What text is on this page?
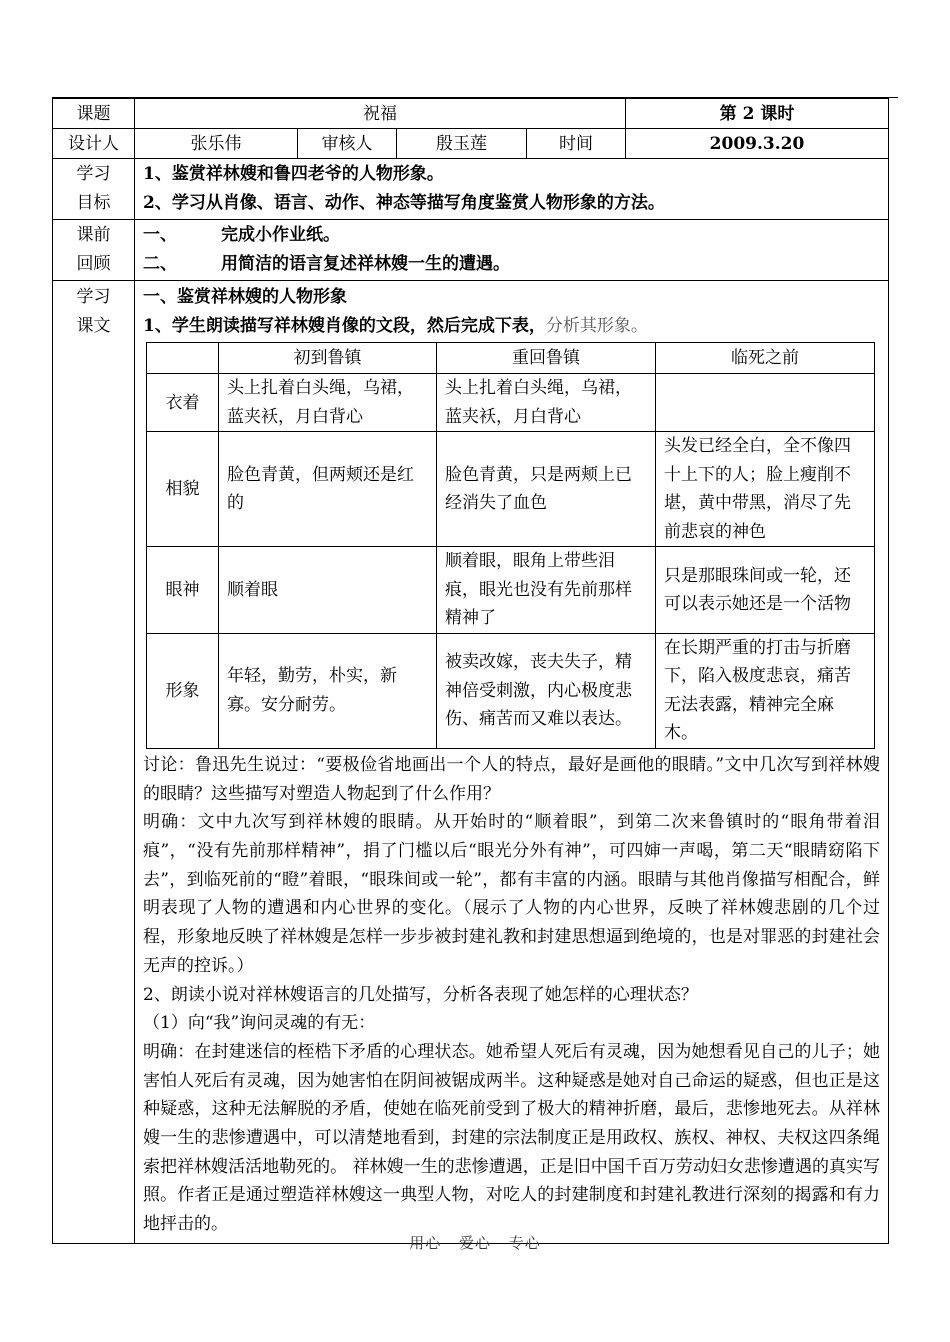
课题	祝福	第 2 课时
设计人	张乐伟	审核人	殷玉莲	时间	2009.3.20

学习
目标

1、鉴赏祥林嫂和鲁四老爷的人物形象。
2、学习从肖像、语言、动作、神态等描写角度鉴赏人物形象的方法。

课前
回顾

一、	完成小作业纸。
二、	用简洁的语言复述祥林嫂一生的遭遇。

学习
课文

一、鉴赏祥林嫂的人物形象
1、学生朗读描写祥林嫂肖像的文段，然后完成下表，分析其形象。
	初到鲁镇	重回鲁镇	临死之前
衣着	头上扎着白头绳，乌裙，蓝夹袄，月白背心	头上扎着白头绳，乌裙，蓝夹袄，月白背心	
相貌	脸色青黄，但两颊还是红的	脸色青黄，只是两颊上已经消失了血色	头发已经全白，全不像四十上下的人；脸上瘦削不堪，黄中带黑，消尽了先前悲哀的神色
眼神	顺着眼	顺着眼，眼角上带些泪痕，眼光也没有先前那样精神了	只是那眼珠间或一轮，还可以表示她还是一个活物
形象	年轻，勤劳，朴实，新寡。安分耐劳。	被卖改嫁，丧夫失子，精神倍受刺激，内心极度悲伤、痛苦而又难以表达。	在长期严重的打击与折磨下，陷入极度悲哀，痛苦无法表露，精神完全麻木。
讨论：鲁迅先生说过：“要极俭省地画出一个人的特点，最好是画他的眼睛。”文中几次写到祥林嫂的眼睛？这些描写对塑造人物起到了什么作用？
明确：文中九次写到祥林嫂的眼睛。从开始时的“顺着眼”，到第二次来鲁镇时的“眼角带着泪痕”，“没有先前那样精神”，捐了门槛以后“眼光分外有神”，可四婶一声喝，第二天“眼睛窈陷下去”，到临死前的“瞪”着眼，“眼珠间或一轮”，都有丰富的内涵。眼睛与其他肖像描写相配合，鲜明表现了人物的遭遇和内心世界的变化。（展示了人物的内心世界，反映了祥林嫂悲剧的几个过程，形象地反映了祥林嫂是怎样一步步被封建礼教和封建思想逼到绝境的，也是对罪恶的封建社会无声的控诉。）
2、朗读小说对祥林嫂语言的几处描写，分析各表现了她怎样的心理状态？
（1）向“我”询问灵魂的有无：
明确：在封建迷信的桎梏下矛盾的心理状态。她希望人死后有灵魂，因为她想看见自己的儿子；她害怕人死后有灵魂，因为她害怕在阴间被锯成两半。这种疑惑是她对自己命运的疑惑，但也正是这种疑惑，这种无法解脱的矛盾，使她在临死前受到了极大的精神折磨，最后，悲惨地死去。从祥林嫂一生的悲惨遭遇中，可以清楚地看到，封建的宗法制度正是用政权、族权、神权、夫权这四条绳索把祥林嫂活活地勒死的。 祥林嫂一生的悲惨遭遇，正是旧中国千百万劳动妇女悲惨遭遇的真实写照。作者正是通过塑造祥林嫂这一典型人物，对吃人的封建制度和封建礼教进行深刻的揭露和有力地抨击的。
用心 爱心 专心
